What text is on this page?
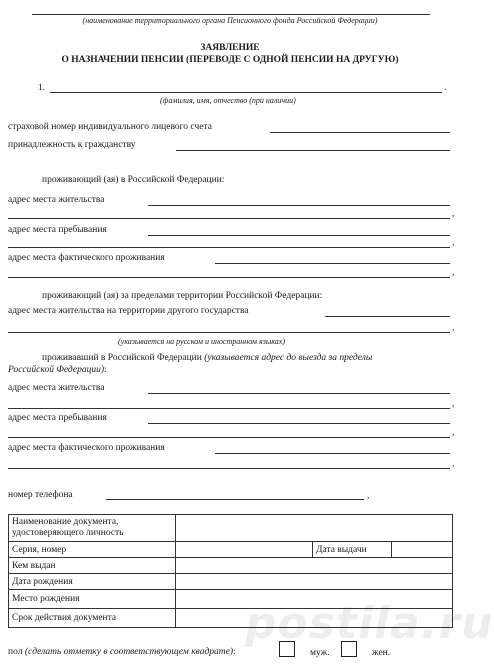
(наименование территориального органа Пенсионного фонда Российской Федерации)
ЗАЯВЛЕНИЕ
О НАЗНАЧЕНИИ ПЕНСИИ (ПЕРЕВОДЕ С ОДНОЙ ПЕНСИИ НА ДРУГУЮ)
1.	.
(фамилия, имя, отчество (при наличии)
страховой номер индивидуального лицевого счета
принадлежность к гражданству
проживающий (ая) в Российской Федерации:
адрес места жительства
,
адрес места пребывания
,
адрес места фактического проживания
,
проживающий (ая) за пределами территории Российской Федерации:
адрес места жительства на территории другого государства
,
(указывается на русском и иностранном языках)
проживавший в Российской Федерации (указывается адрес до выезда за пределы
Российской Федерации):
адрес места жительства
,
адрес места пребывания
,
адрес места фактического проживания
,
номер телефона	,
Наименование документа,
удостоверяющего личность			

Серия, номер		Дата выдачи	
Кем выдан			
Дата рождения			
Место рождения			
Срок действия документа			
пол (сделать отметку в соответствующем квадрате):	муж.	жен.
postila.ru
